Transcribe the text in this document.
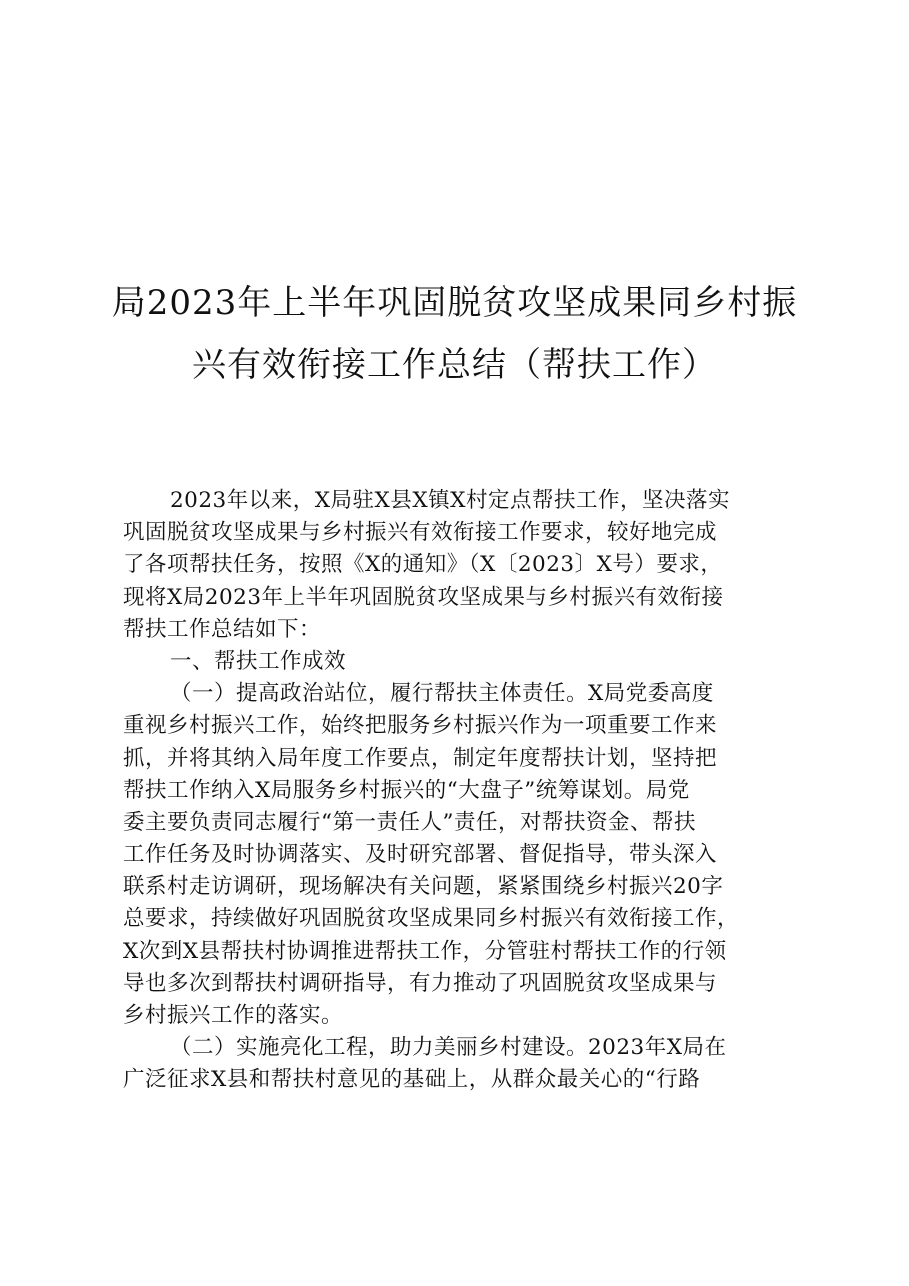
局2023年上半年巩固脱贫攻坚成果同乡村振
兴有效衔接工作总结（帮扶工作）
2023年以来，X局驻X县X镇X村定点帮扶工作，坚决落实
巩固脱贫攻坚成果与乡村振兴有效衔接工作要求，较好地完成
了各项帮扶任务，按照《X的通知》（X〔2023〕X号）要求，
现将X局2023年上半年巩固脱贫攻坚成果与乡村振兴有效衔接
帮扶工作总结如下：
一、帮扶工作成效
（一）提高政治站位，履行帮扶主体责任。X局党委高度
重视乡村振兴工作，始终把服务乡村振兴作为一项重要工作来
抓，并将其纳入局年度工作要点，制定年度帮扶计划，坚持把
帮扶工作纳入X局服务乡村振兴的“大盘子”统筹谋划。局党
委主要负责同志履行“第一责任人”责任，对帮扶资金、帮扶
工作任务及时协调落实、及时研究部署、督促指导，带头深入
联系村走访调研，现场解决有关问题，紧紧围绕乡村振兴20字
总要求，持续做好巩固脱贫攻坚成果同乡村振兴有效衔接工作，
X次到X县帮扶村协调推进帮扶工作，分管驻村帮扶工作的行领
导也多次到帮扶村调研指导，有力推动了巩固脱贫攻坚成果与
乡村振兴工作的落实。
（二）实施亮化工程，助力美丽乡村建设。2023年X局在
广泛征求X县和帮扶村意见的基础上，从群众最关心的“行路
